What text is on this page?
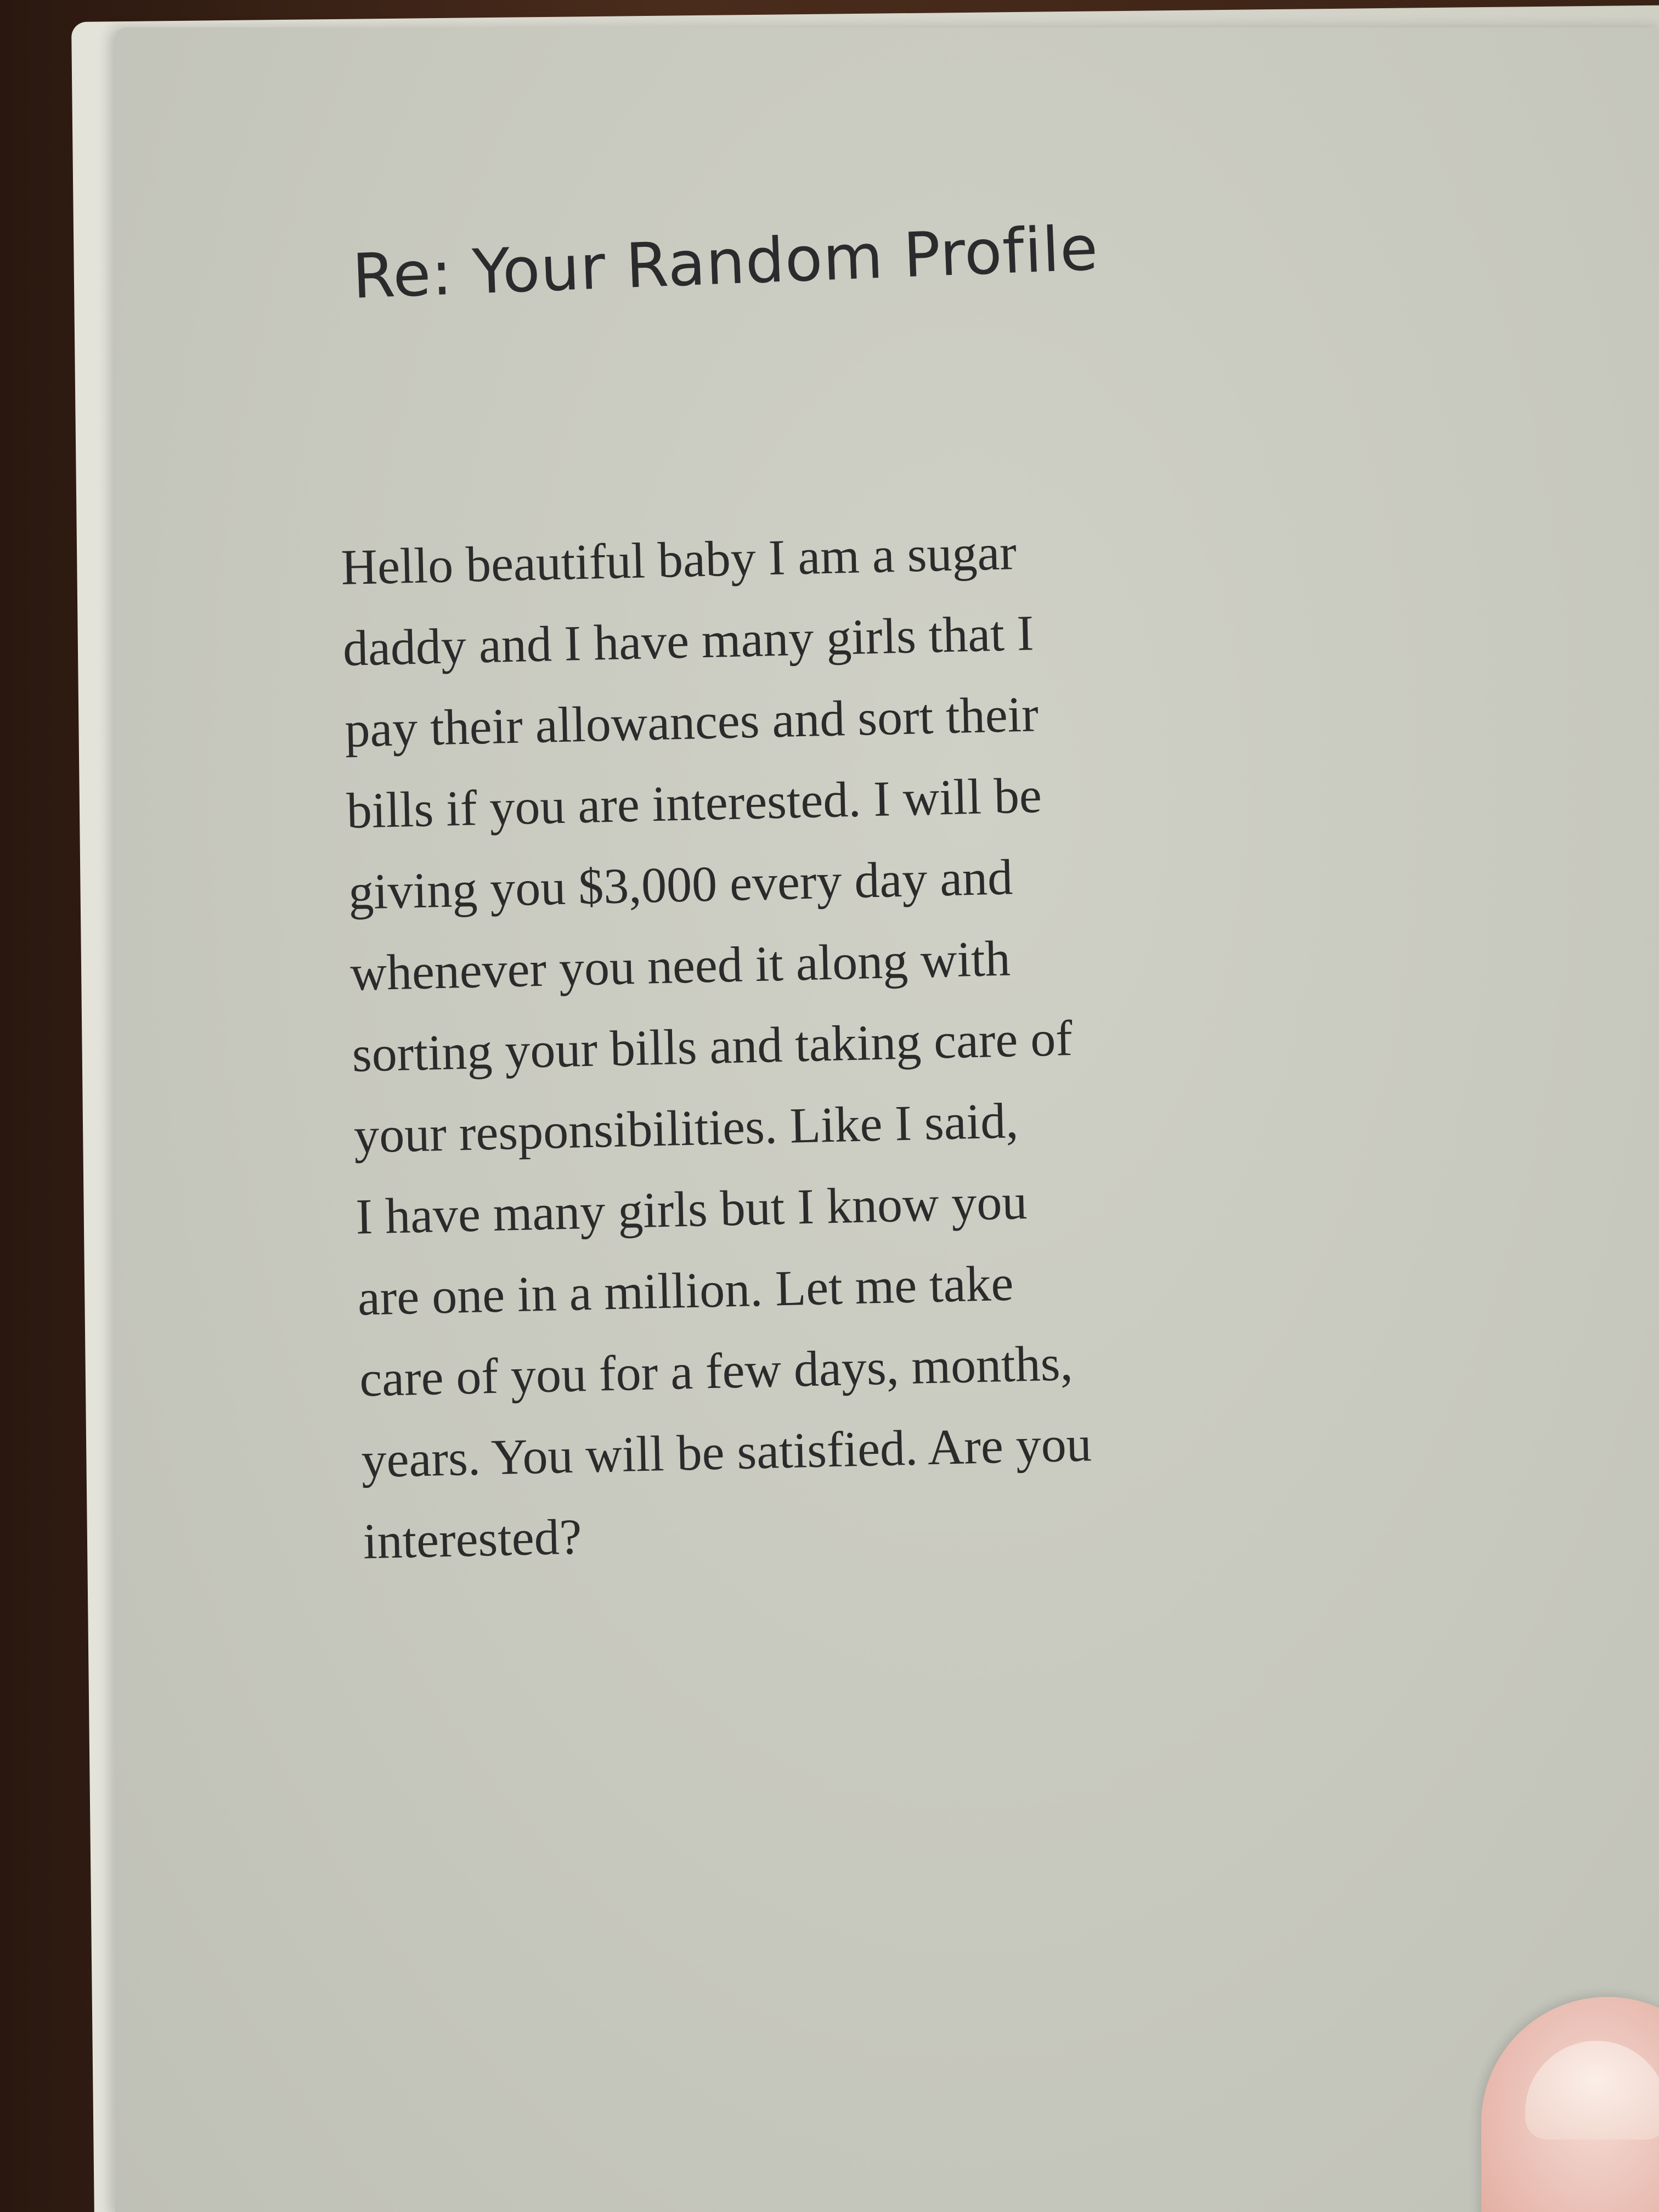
Re: Your Random Profile
Hello beautiful baby I am a sugar
daddy and I have many girls that I
pay their allowances and sort their
bills if you are interested. I will be
giving you $3,000 every day and
whenever you need it along with
sorting your bills and taking care of
your responsibilities. Like I said,
I have many girls but I know you
are one in a million. Let me take
care of you for a few days, months,
years. You will be satisfied. Are you
interested?
